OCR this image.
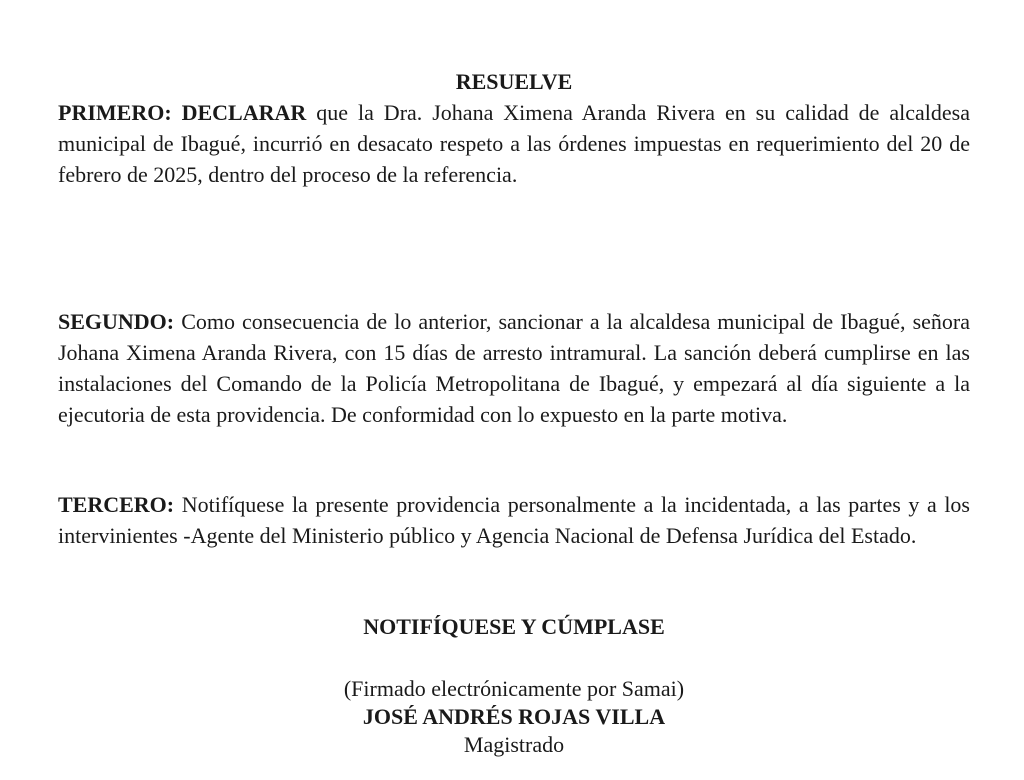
RESUELVE

PRIMERO: DECLARAR que la Dra. Johana Ximena Aranda Rivera en su calidad de alcaldesa municipal de Ibagué, incurrió en desacato respeto a las órdenes impuestas en requerimiento del 20 de febrero de 2025, dentro del proceso de la referencia.

SEGUNDO: Como consecuencia de lo anterior, sancionar a la alcaldesa municipal de Ibagué, señora Johana Ximena Aranda Rivera, con 15 días de arresto intramural. La sanción deberá cumplirse en las instalaciones del Comando de la Policía Metropolitana de Ibagué, y empezará al día siguiente a la ejecutoria de esta providencia. De conformidad con lo expuesto en la parte motiva.

TERCERO: Notifíquese la presente providencia personalmente a la incidentada, a las partes y a los intervinientes -Agente del Ministerio público y Agencia Nacional de Defensa Jurídica del Estado.

NOTIFÍQUESE Y CÚMPLASE
(Firmado electrónicamente por Samai)
JOSÉ ANDRÉS ROJAS VILLA
Magistrado
